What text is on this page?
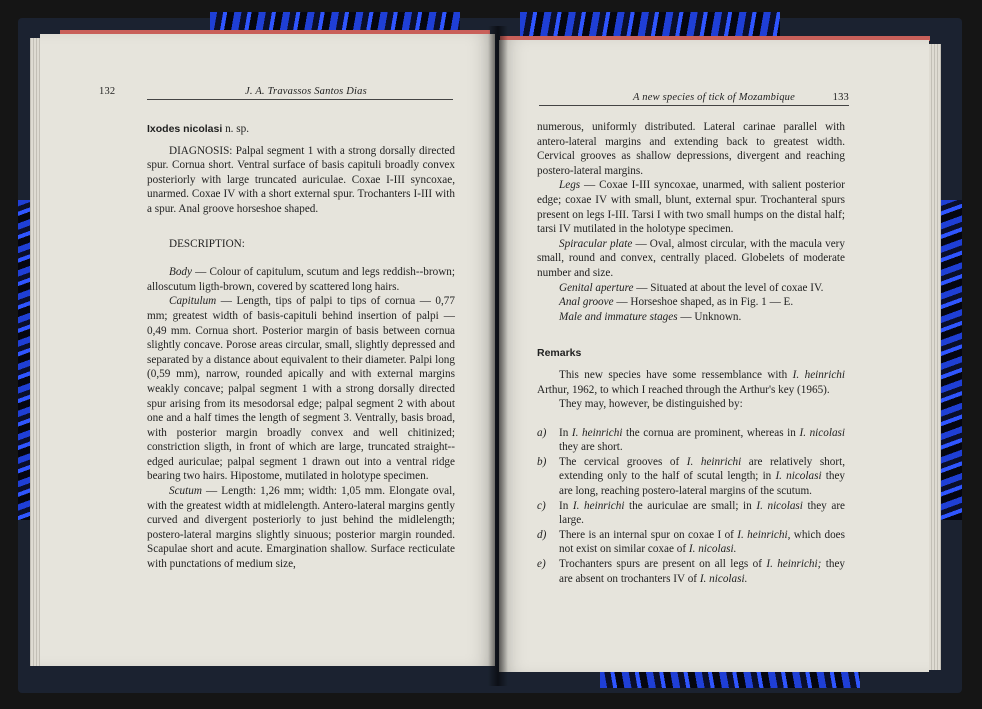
132	J. A. Travassos Santos Dias

Ixodes nicolasi n. sp.

DIAGNOSIS: Palpal segment 1 with a strong dorsally directed spur. Cornua short. Ventral surface of basis capituli broadly convex posteriorly with large truncated auriculae. Coxae I-III syncoxae, unarmed. Coxae IV with a short external spur. Trochanters I-III with a spur. Anal groove horseshoe shaped.

DESCRIPTION:

Body — Colour of capitulum, scutum and legs reddish--brown; alloscutum ligth-brown, covered by scattered long hairs.

Capitulum — Length, tips of palpi to tips of cornua — 0,77 mm; greatest width of basis-capituli behind insertion of palpi — 0,49 mm. Cornua short. Posterior margin of basis between cornua slightly concave. Porose areas circular, small, slightly depressed and separated by a distance about equivalent to their diameter. Palpi long (0,59 mm), narrow, rounded apically and with external margins weakly concave; palpal segment 1 with a strong dorsally directed spur arising from its mesodorsal edge; palpal segment 2 with about one and a half times the length of segment 3. Ventrally, basis broad, with posterior margin broadly convex and well chitinized; constriction sligth, in front of which are large, truncated straight--edged auriculae; palpal segment 1 drawn out into a ventral ridge bearing two hairs. Hipostome, mutilated in holotype specimen.

Scutum — Length: 1,26 mm; width: 1,05 mm. Elongate oval, with the greatest width at midlelength. Antero-lateral margins gently curved and divergent posteriorly to just behind the midlelength; postero-lateral margins slightly sinuous; posterior margin rounded. Scapulae short and acute. Emargination shallow. Surface recticulate with punctations of medium size,

A new species of tick of Mozambique	133

numerous, uniformly distributed. Lateral carinae parallel with antero-lateral margins and extending back to greatest width. Cervical grooves as shallow depressions, divergent and reaching postero-lateral margins.

Legs — Coxae I-III syncoxae, unarmed, with salient posterior edge; coxae IV with small, blunt, external spur. Trochanteral spurs present on legs I-III. Tarsi I with two small humps on the distal half; tarsi IV mutilated in the holotype specimen.

Spiracular plate — Oval, almost circular, with the macula very small, round and convex, centrally placed. Globelets of moderate number and size.

Genital aperture — Situated at about the level of coxae IV.

Anal groove — Horseshoe shaped, as in Fig. 1 — E.

Male and immature stages — Unknown.

Remarks

This new species have some ressemblance with I. heinrichi Arthur, 1962, to which I reached through the Arthur's key (1965).

They may, however, be distinguished by:

a)	In I. heinrichi the cornua are prominent, whereas in I. nicolasi they are short.

b)	The cervical grooves of I. heinrichi are relatively short, extending only to the half of scutal length; in I. nicolasi they are long, reaching postero-lateral margins of the scutum.

c)	In I. heinrichi the auriculae are small; in I. nicolasi they are large.

d)	There is an internal spur on coxae I of I. heinrichi, which does not exist on similar coxae of I. nicolasi.

e)	Trochanters spurs are present on all legs of I. heinrichi; they are absent on trochanters IV of I. nicolasi.
